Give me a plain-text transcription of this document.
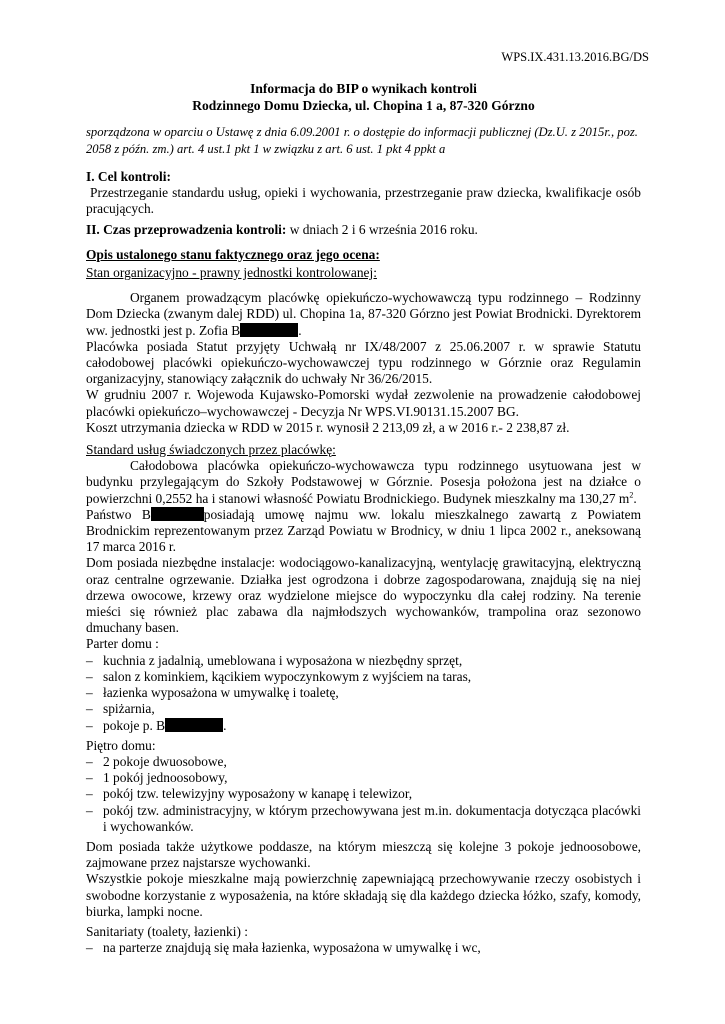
WPS.IX.431.13.2016.BG/DS
Informacja do BIP o wynikach kontroli
Rodzinnego Domu Dziecka, ul. Chopina 1 a, 87-320 Górzno
sporządzona w oparciu o Ustawę z dnia 6.09.2001 r. o dostępie do informacji publicznej (Dz.U. z 2015r., poz. 2058 z późn. zm.) art. 4 ust.1 pkt 1 w związku z art. 6 ust. 1 pkt 4 ppkt a

I. Cel kontroli:

Przestrzeganie standardu usług, opieki i wychowania, przestrzeganie praw dziecka, kwalifikacje osób pracujących.

II. Czas przeprowadzenia kontroli: w dniach 2 i 6 września 2016 roku.

Opis ustalonego stanu faktycznego oraz jego ocena:

Stan organizacyjno - prawny jednostki kontrolowanej:

Organem prowadzącym placówkę opiekuńczo-wychowawczą typu rodzinnego – Rodzinny Dom Dziecka (zwanym dalej RDD) ul. Chopina 1a, 87-320 Górzno jest Powiat Brodnicki. Dyrektorem ww. jednostki jest p. Zofia B	.

Placówka posiada Statut przyjęty Uchwałą nr IX/48/2007 z 25.06.2007 r. w sprawie Statutu całodobowej placówki opiekuńczo-wychowawczej typu rodzinnego w Górznie oraz Regulamin organizacyjny, stanowiący załącznik do uchwały Nr 36/26/2015.

W grudniu 2007 r. Wojewoda Kujawsko-Pomorski wydał zezwolenie na prowadzenie całodobowej placówki opiekuńczo–wychowawczej - Decyzja Nr WPS.VI.90131.15.2007 BG.

Koszt utrzymania dziecka w RDD w 2015 r. wynosił 2 213,09 zł, a w 2016 r.- 2 238,87 zł.

Standard usług świadczonych przez placówkę:

Całodobowa placówka opiekuńczo-wychowawcza typu rodzinnego usytuowana jest w budynku przylegającym do Szkoły Podstawowej w Górznie. Posesja położona jest na działce o powierzchni 0,2552 ha i stanowi własność Powiatu Brodnickiego. Budynek mieszkalny ma 130,27 $m^2$.

Państwo B	posiadają umowę najmu ww. lokalu mieszkalnego zawartą z Powiatem Brodnickim reprezentowanym przez Zarząd Powiatu w Brodnicy, w dniu 1 lipca 2002 r., aneksowaną 17 marca 2016 r.

Dom posiada niezbędne instalacje: wodociągowo-kanalizacyjną, wentylację grawitacyjną, elektryczną oraz centralne ogrzewanie. Działka jest ogrodzona i dobrze zagospodarowana, znajdują się na niej drzewa owocowe, krzewy oraz wydzielone miejsce do wypoczynku dla całej rodziny. Na terenie mieści się również plac zabawa dla najmłodszych wychowanków, trampolina oraz sezonowo dmuchany basen.

Parter domu :

– kuchnia z jadalnią, umeblowana i wyposażona w niezbędny sprzęt,
– salon z kominkiem, kącikiem wypoczynkowym z wyjściem na taras,
– łazienka wyposażona w umywalkę i toaletę,
– spiżarnia,
– pokoje p. B	.

Piętro domu:

– 2 pokoje dwuosobowe,
– 1 pokój jednoosobowy,
– pokój tzw. telewizyjny wyposażony w kanapę i telewizor,
– pokój tzw. administracyjny, w którym przechowywana jest m.in. dokumentacja dotycząca placówki i wychowanków.

Dom posiada także użytkowe poddasze, na którym mieszczą się kolejne 3 pokoje jednoosobowe, zajmowane przez najstarsze wychowanki.

Wszystkie pokoje mieszkalne mają powierzchnię zapewniającą przechowywanie rzeczy osobistych i swobodne korzystanie z wyposażenia, na które składają się dla każdego dziecka łóżko, szafy, komody, biurka, lampki nocne.

Sanitariaty (toalety, łazienki) :

– na parterze znajdują się mała łazienka, wyposażona w umywalkę i wc,
